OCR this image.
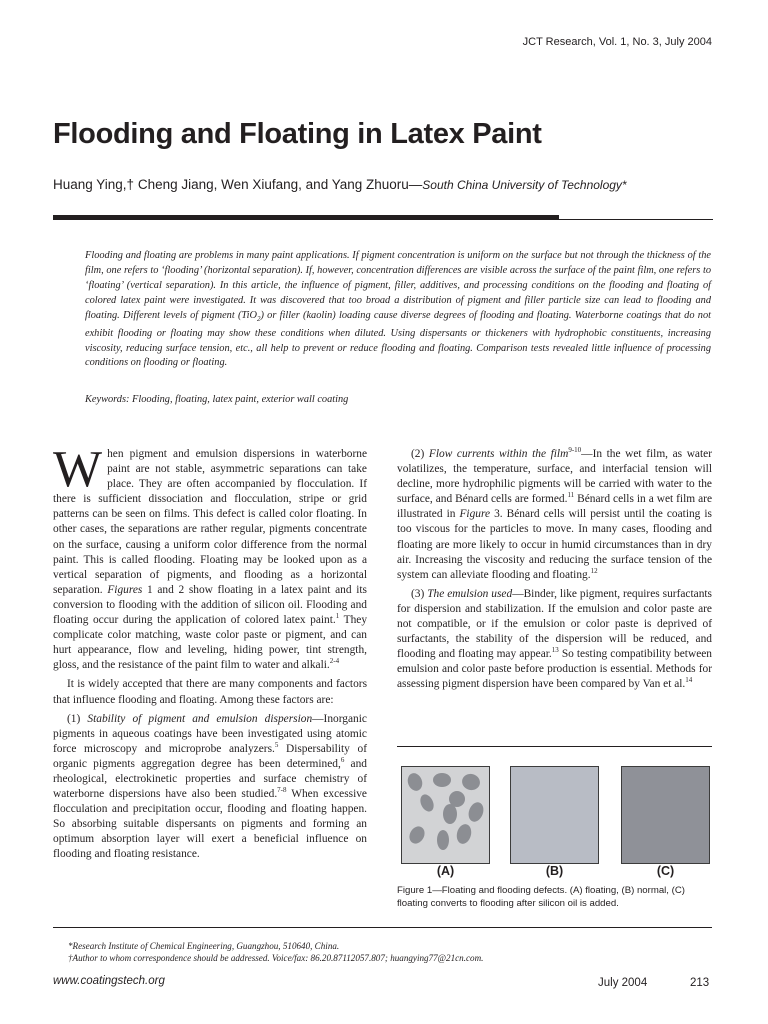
JCT Research, Vol. 1, No. 3, July 2004
Flooding and Floating in Latex Paint
Huang Ying,† Cheng Jiang, Wen Xiufang, and Yang Zhuoru—South China University of Technology*

Flooding and floating are problems in many paint applications. If pigment concentration is uniform on the surface but not through the thickness of the film, one refers to ‘flooding’ (horizontal separation). If, however, concentration differences are visible across the surface of the paint film, one refers to ‘floating’ (vertical separation). In this article, the influence of pigment, filler, additives, and processing conditions on the flooding and floating of colored latex paint were investigated. It was discovered that too broad a distribution of pigment and filler particle size can lead to flooding and floating. Different levels of pigment (TiO$_2$) or filler (kaolin) loading cause diverse degrees of flooding and floating. Waterborne coatings that do not exhibit flooding or floating may show these conditions when diluted. Using dispersants or thickeners with hydrophobic constituents, increasing viscosity, reducing surface tension, etc., all help to prevent or reduce flooding and floating. Comparison tests revealed little influence of processing conditions on flooding or floating.

Keywords: Flooding, floating, latex paint, exterior wall coating

When pigment and emulsion dispersions in waterborne paint are not stable, asymmetric separations can take place. They are often accompanied by flocculation. If there is sufficient dissociation and flocculation, stripe or grid patterns can be seen on films. This defect is called color floating. In other cases, the separations are rather regular, pigments concentrate on the surface, causing a uniform color difference from the normal paint. This is called flooding. Floating may be looked upon as a vertical separation of pigments, and flooding as a horizontal separation. Figures 1 and 2 show floating in a latex paint and its conversion to flooding with the addition of silicon oil. Flooding and floating occur during the application of colored latex paint.$^1$ They complicate color matching, waste color paste or pigment, and can hurt appearance, flow and leveling, hiding power, tint strength, gloss, and the resistance of the paint film to water and alkali.$^{2-4}$

It is widely accepted that there are many components and factors that influence flooding and floating. Among these factors are:

(1) Stability of pigment and emulsion dispersion—Inorganic pigments in aqueous coatings have been investigated using atomic force microscopy and microprobe analyzers.$^5$ Dispersability of organic pigments aggregation degree has been determined,$^6$ and rheological, electrokinetic properties and surface chemistry of waterborne dispersions have also been studied.$^{7-8}$ When excessive flocculation and precipitation occur, flooding and floating happen. So absorbing suitable dispersants on pigments and forming an optimum absorption layer will exert a beneficial influence on flooding and floating resistance.

(2) Flow currents within the film$^{9-10}$—In the wet film, as water volatilizes, the temperature, surface, and interfacial tension will decline, more hydrophilic pigments will be carried with water to the surface, and Bénard cells are formed.$^{11}$ Bénard cells in a wet film are illustrated in Figure 3. Bénard cells will persist until the coating is too viscous for the particles to move. In many cases, flooding and floating are more likely to occur in humid circumstances than in dry air. Increasing the viscosity and reducing the surface tension of the system can alleviate flooding and floating.$^{12}$

(3) The emulsion used—Binder, like pigment, requires surfactants for dispersion and stabilization. If the emulsion and color paste are not compatible, or if the emulsion or color paste is deprived of surfactants, the stability of the dispersion will be reduced, and flooding and floating may appear.$^{13}$ So testing compatibility between emulsion and color paste before production is essential. Methods for assessing pigment dispersion have been compared by Van et al.$^{14}$

(A)	(B)	(C)
Figure 1—Floating and flooding defects. (A) floating, (B) normal, (C) floating converts to flooding after silicon oil is added.
*Research Institute of Chemical Engineering, Guangzhou, 510640, China.
†Author to whom correspondence should be addressed. Voice/fax: 86.20.87112057.807; huangying77@21cn.com.
www.coatingstech.org	July 2004	213
